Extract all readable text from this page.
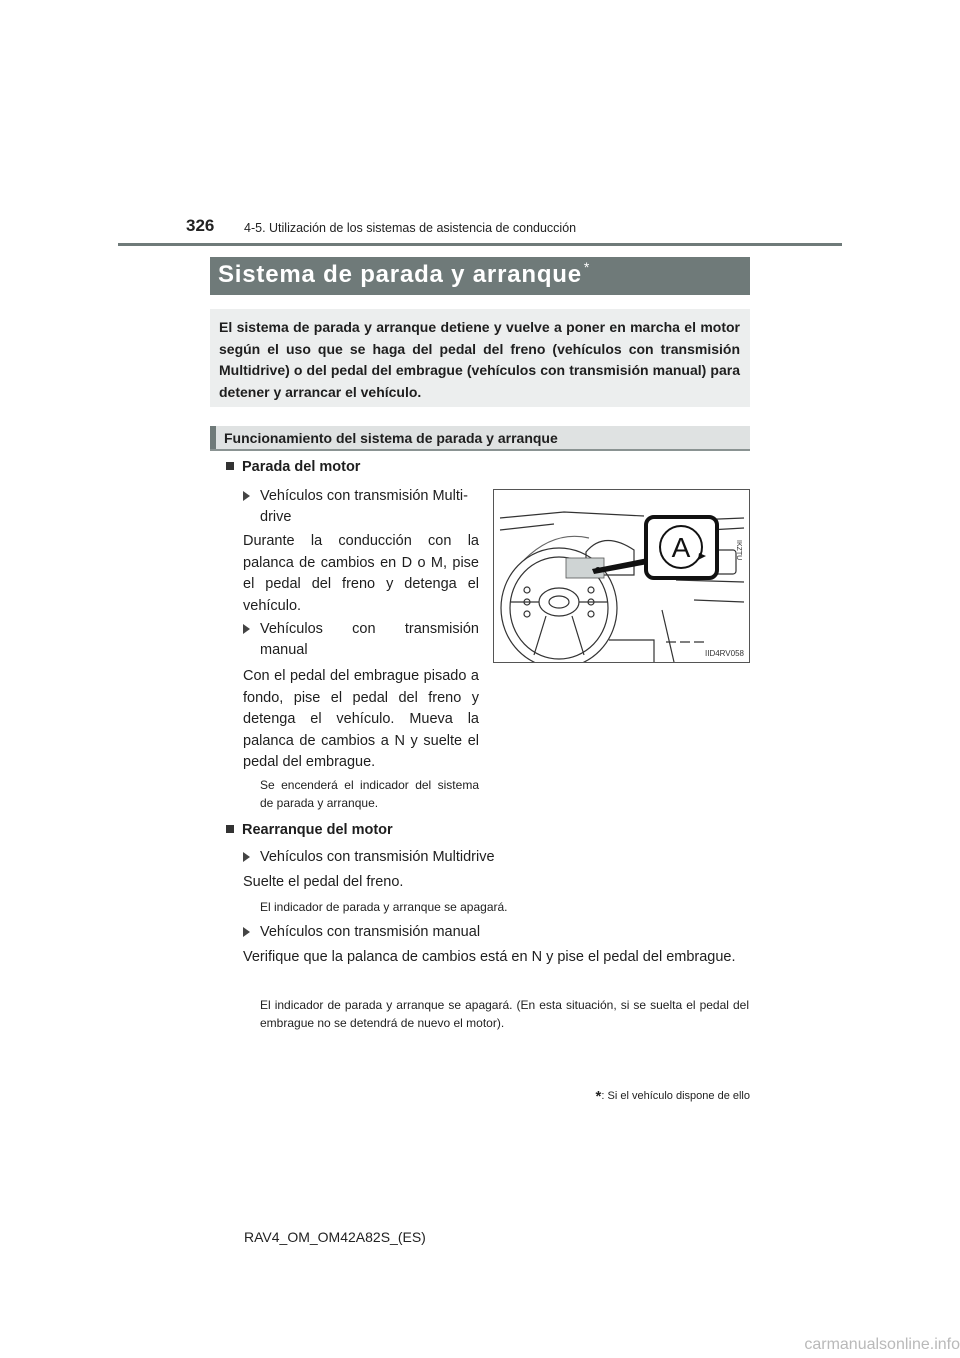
326 4-5. Utilización de los sistemas de asistencia de conducción
Sistema de parada y arranque *
El sistema de parada y arranque detiene y vuelve a poner en marcha el motor según el uso que se haga del pedal del freno (vehículos con transmisión Multidrive) o del pedal del embrague (vehículos con transmisión manual) para detener y arrancar el vehículo.
Funcionamiento del sistema de parada y arranque
Parada del motor
Vehículos con transmisión Multi-drive
Durante la conducción con la palanca de cambios en D o M, pise el pedal del freno y detenga el vehículo.
Vehículos con transmisión manual
Con el pedal del embrague pisado a fondo, pise el pedal del freno y detenga el vehículo. Mueva la palanca de cambios a N y suelte el pedal del embrague.
Se encenderá el indicador del sistema de parada y arranque.
A	IKZTU
IID4RV058
Rearranque del motor
Vehículos con transmisión Multidrive
Suelte el pedal del freno.
El indicador de parada y arranque se apagará.
Vehículos con transmisión manual
Verifique que la palanca de cambios está en N y pise el pedal del embrague.
El indicador de parada y arranque se apagará. (En esta situación, si se suelta el pedal del embrague no se detendrá de nuevo el motor).
*: Si el vehículo dispone de ello
RAV4_OM_OM42A82S_(ES)
carmanualsonline.info
